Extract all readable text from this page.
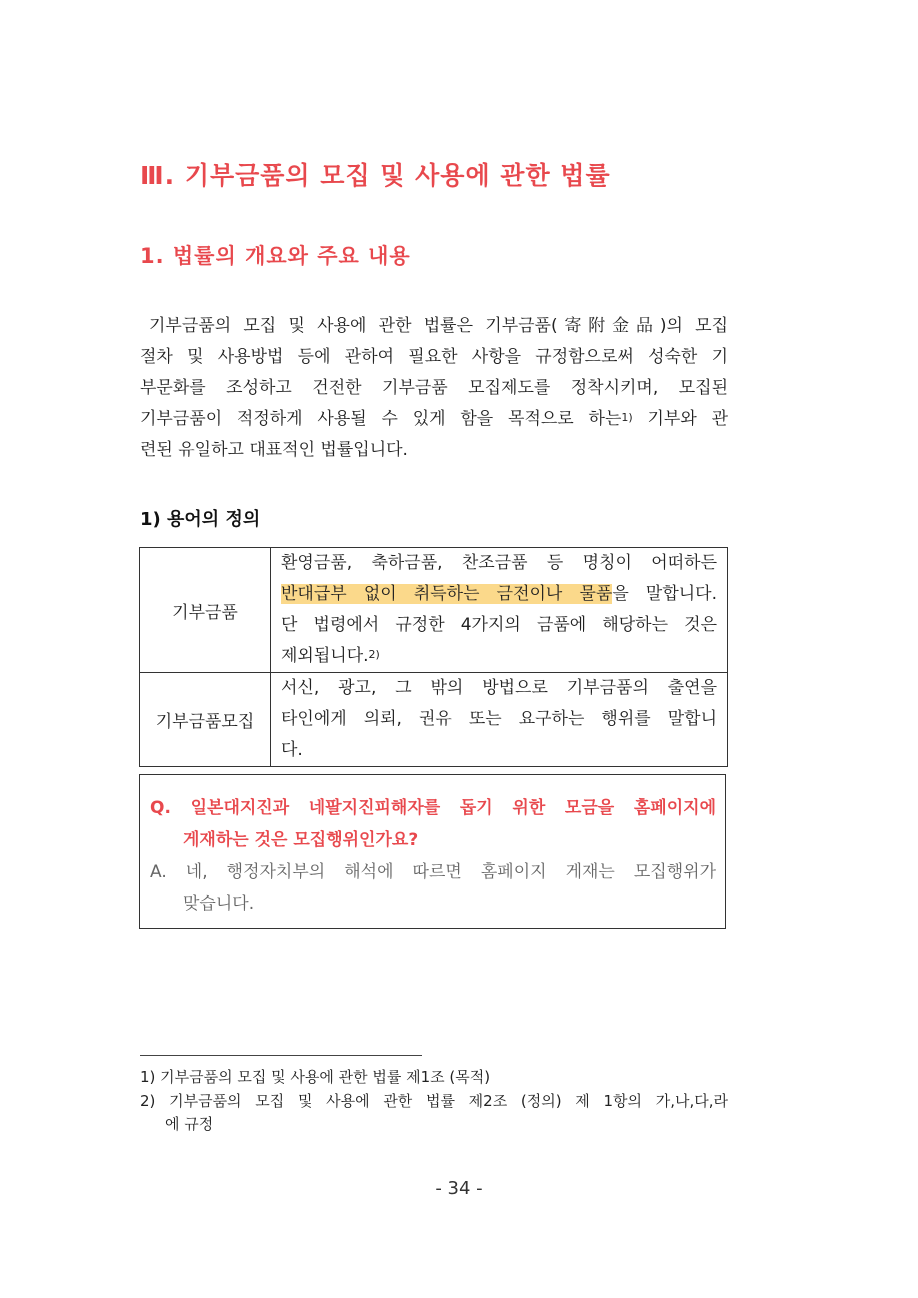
Ⅲ. 기부금품의 모집 및 사용에 관한 법률
1. 법률의 개요와 주요 내용
기부금품의 모집 및 사용에 관한 법률은 기부금품(寄附金品)의 모집
절차 및 사용방법 등에 관하여 필요한 사항을 규정함으로써 성숙한 기
부문화를 조성하고 건전한 기부금품 모집제도를 정착시키며, 모집된
기부금품이 적정하게 사용될 수 있게 함을 목적으로 하는$^{1)}$ 기부와 관
련된 유일하고 대표적인 법률입니다.
1) 용어의 정의
기부금품	환영금품, 축하금품, 찬조금품 등 명칭이 어떠하든
반대급부 없이 취득하는 금전이나 물품을 말합니다.
단 법령에서 규정한 4가지의 금품에 해당하는 것은
제외됩니다.$^{2)}$

기부금품모집	서신, 광고, 그 밖의 방법으로 기부금품의 출연을
타인에게 의뢰, 권유 또는 요구하는 행위를 말합니
다.
Q. 일본대지진과 네팔지진피해자를 돕기 위한 모금을 홈페이지에
게재하는 것은 모집행위인가요?
A. 네, 행정자치부의 해석에 따르면 홈페이지 게재는 모집행위가
맞습니다.
1) 기부금품의 모집 및 사용에 관한 법률 제1조 (목적)
2) 기부금품의 모집 및 사용에 관한 법률 제2조 (정의) 제 1항의 가,나,다,라
에 규정
- 34 -
